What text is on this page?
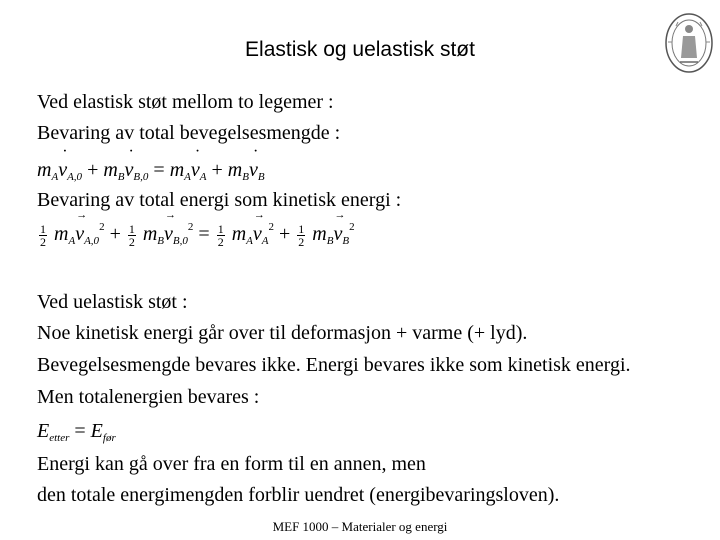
Elastisk og uelastisk støt
Ved elastisk støt mellom to legemer :
Bevaring av total bevegelsesmengde :
$m_A\cdot v_{A,0} + m_B\cdot v_{B,0} = m_A\cdot v_A + m_B\cdot v_B$
Bevaring av total energi som kinetisk energi :
$\frac{1}{2} m_A\to v_{A,0}^2 + \frac{1}{2} m_B\to v_{B,0}^2 = \frac{1}{2} m_A\to v_A^2 + \frac{1}{2} m_B\to v_B^2$
Ved uelastisk støt :
Noe kinetisk energi går over til deformasjon + varme (+ lyd).
Bevegelsesmengde bevares ikke. Energi bevares ikke som kinetisk energi.
Men totalenergien bevares :
$E_{etter} = E_{før}$
Energi kan gå over fra en form til en annen, men
den totale energimengden forblir uendret (energibevaringsloven).
MEF 1000 – Materialer og energi
